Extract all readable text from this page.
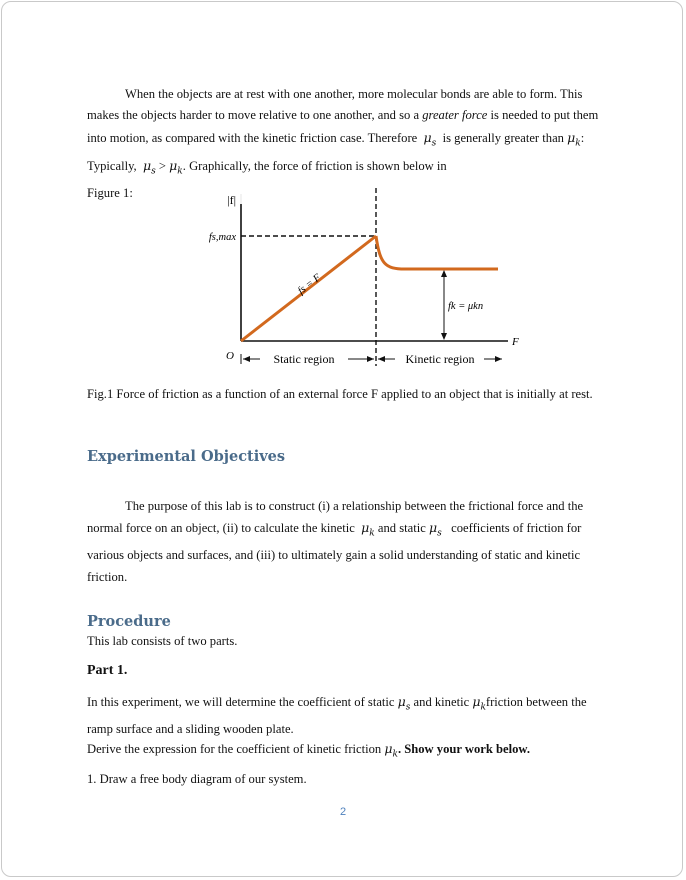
When the objects are at rest with one another, more molecular bonds are able to form. This makes the objects harder to move relative to one another, and so a greater force is needed to put them into motion, as compared with the kinetic friction case. Therefore  $\mu_s$  is generally greater than $\mu_k$: Typically,  $\mu_s > \mu_k$. Graphically, the force of friction is shown below in
Figure 1:

|f|
fs,max
fs = F
fk = μkn
O
F
Static region	Kinetic region

Fig.1 Force of friction as a function of an external force F applied to an object that is initially at rest.

Experimental Objectives

The purpose of this lab is to construct (i) a relationship between the frictional force and the normal force on an object, (ii) to calculate the kinetic  $\mu_k$ and static $\mu_s$   coefficients of friction for various objects and surfaces, and (iii) to ultimately gain a solid understanding of static and kinetic friction.

Procedure

This lab consists of two parts.

Part 1.

In this experiment, we will determine the coefficient of static $\mu_s$ and kinetic $\mu_kfriction$ between the ramp surface and a sliding wooden plate.

Derive the expression for the coefficient of kinetic friction $\mu_k$. Show your work below.

1. Draw a free body diagram of our system.

2
